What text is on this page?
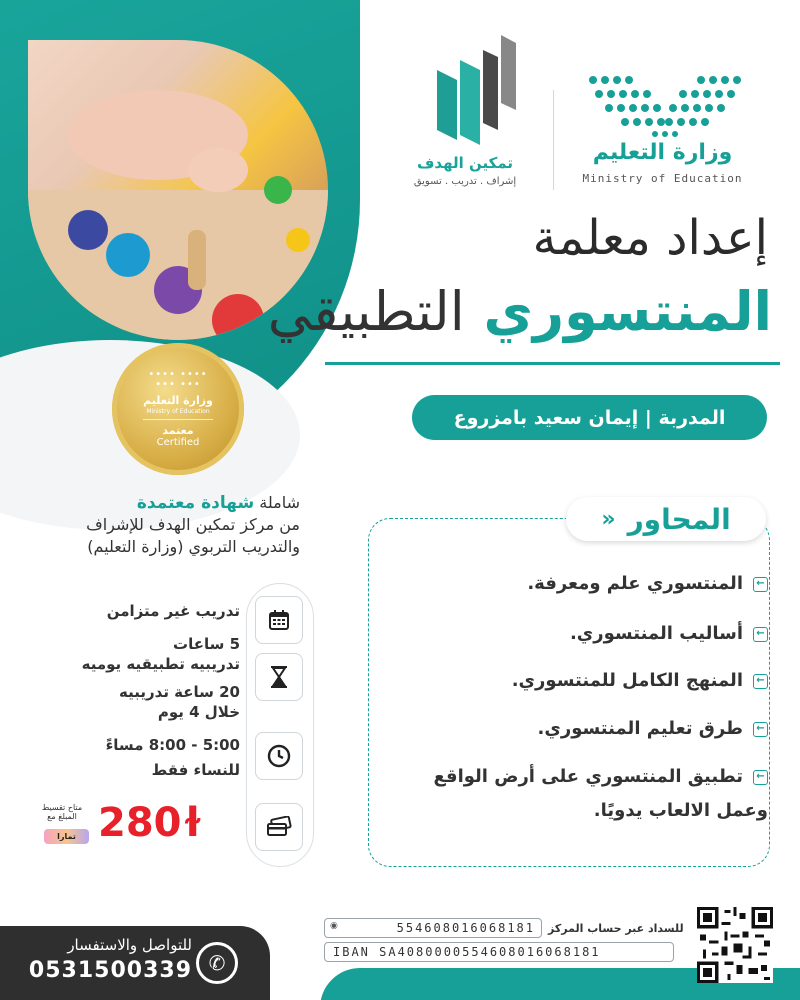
تمكين الهدف
إشراف . تدريب . تسويق
وزارة التعليم
Ministry of Education
إعداد معلمة
المنتسوري التطبيقي
المدربة | إيمان سعيد بامزروع
•••• ••••
••• •••
وزارة التعليم
Ministry of Education
معتمد
Certified
شاملة شهادة معتمدة
من مركز تمكين الهدف للإشراف
والتدريب التربوي (وزارة التعليم)
تدريب غير متزامن
5 ساعات
تدريبيه تطبيقيه يوميه
20 ساعة تدريبيه
خلال 4 يوم
5:00 - 8:00 مساءً
للنساء فقط
280ɫ
متاح تقسيط المبلغ مع
تمارا
المحاور
«
←المنتسوري علم ومعرفة.
←أساليب المنتسوري.
←المنهج الكامل للمنتسوري.
←طرق تعليم المنتسوري.
←تطبيق المنتسوري على أرض الواقع وعمل الالعاب يدويًا.
للسداد عبر حساب المركز
554608016068181
◉
IBAN SA4080000554608016068181
للتواصل والاستفسار
0531500339 ✆
